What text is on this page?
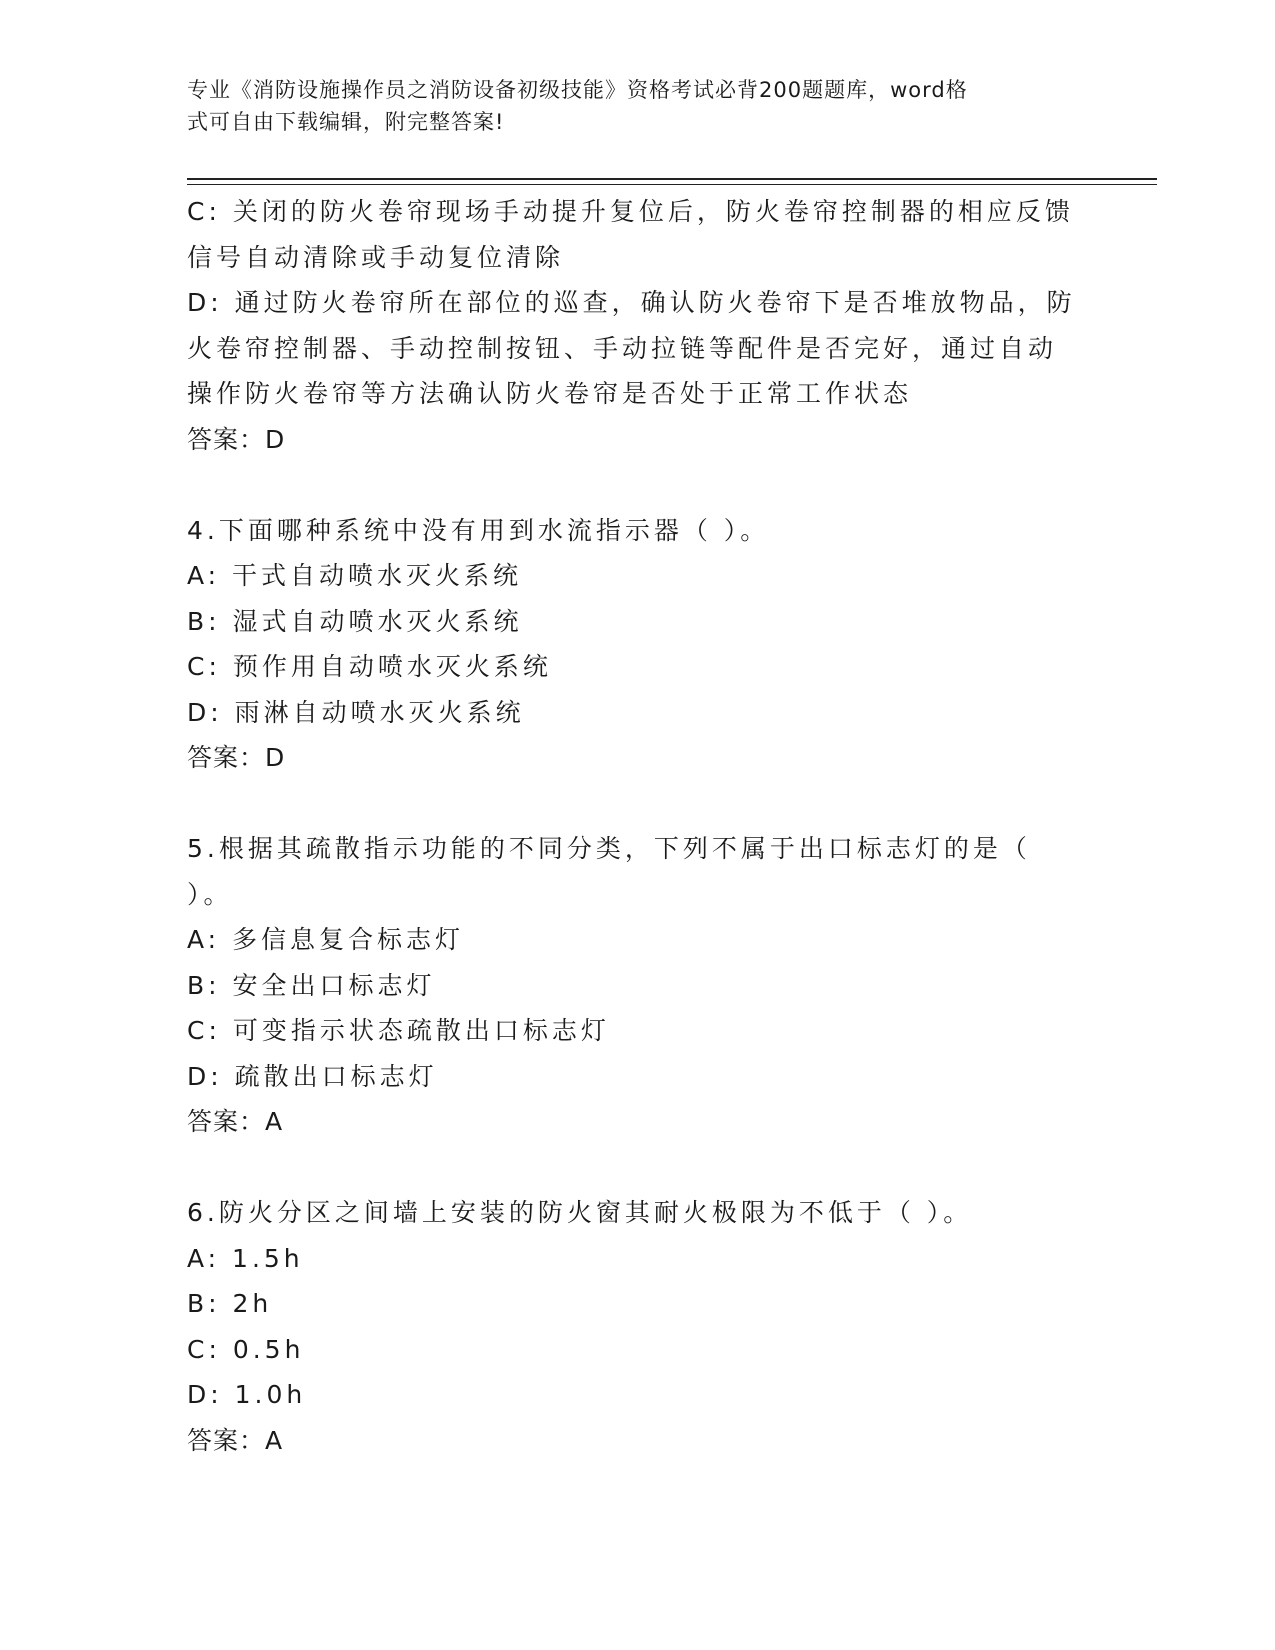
专业《消防设施操作员之消防设备初级技能》资格考试必背200题题库，word格
式可自由下载编辑，附完整答案!
C: 关闭的防火卷帘现场手动提升复位后，防火卷帘控制器的相应反馈
信号自动清除或手动复位清除
D: 通过防火卷帘所在部位的巡查，确认防火卷帘下是否堆放物品，防
火卷帘控制器、手动控制按钮、手动拉链等配件是否完好，通过自动
操作防火卷帘等方法确认防火卷帘是否处于正常工作状态
答案：D
4.下面哪种系统中没有用到水流指示器（ ）。
A: 干式自动喷水灭火系统
B: 湿式自动喷水灭火系统
C: 预作用自动喷水灭火系统
D: 雨淋自动喷水灭火系统
答案：D
5.根据其疏散指示功能的不同分类，下列不属于出口标志灯的是（
）。
A: 多信息复合标志灯
B: 安全出口标志灯
C: 可变指示状态疏散出口标志灯
D: 疏散出口标志灯
答案：A
6.防火分区之间墙上安装的防火窗其耐火极限为不低于（ ）。
A: 1.5h
B: 2h
C: 0.5h
D: 1.0h
答案：A
